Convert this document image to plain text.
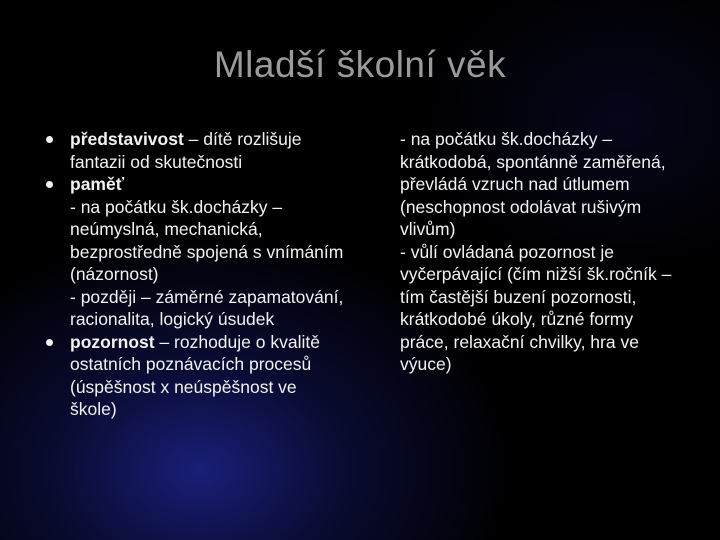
Mladší školní věk
představivost – dítě rozlišuje fantazii od skutečnosti

paměť

- na počátku šk.docházky – neúmyslná, mechanická, bezprostředně spojená s vnímáním (názornost)

- později – záměrné zapamatování, racionalita, logický úsudek

pozornost – rozhoduje o kvalitě ostatních poznávacích procesů (úspěšnost x neúspěšnost ve škole)

- na počátku šk.docházky – krátkodobá, spontánně zaměřená, převládá vzruch nad útlumem (neschopnost odolávat rušivým vlivům)

- vůlí ovládaná pozornost je vyčerpávající (čím nižší šk.ročník – tím častější buzení pozornosti, krátkodobé úkoly, různé formy práce, relaxační chvilky, hra ve výuce)
